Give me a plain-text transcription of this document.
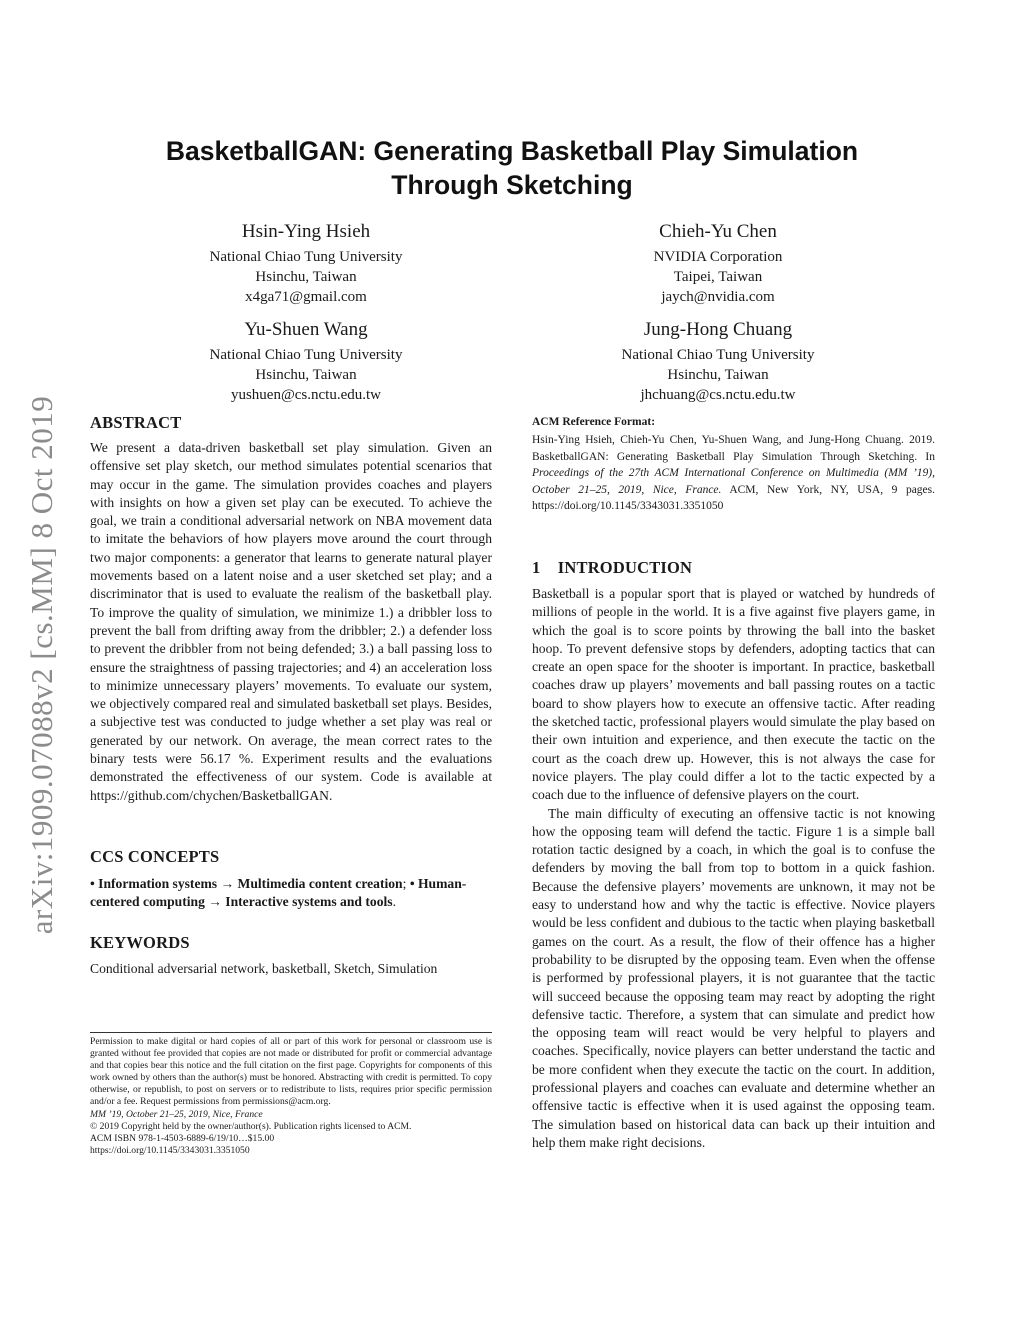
arXiv:1909.07088v2 [cs.MM] 8 Oct 2019
BasketballGAN: Generating Basketball Play Simulation Through Sketching
Hsin-Ying Hsieh
National Chiao Tung University
Hsinchu, Taiwan
x4ga71@gmail.com
Chieh-Yu Chen
NVIDIA Corporation
Taipei, Taiwan
jaych@nvidia.com
Yu-Shuen Wang
National Chiao Tung University
Hsinchu, Taiwan
yushuen@cs.nctu.edu.tw
Jung-Hong Chuang
National Chiao Tung University
Hsinchu, Taiwan
jhchuang@cs.nctu.edu.tw
ABSTRACT

We present a data-driven basketball set play simulation. Given an offensive set play sketch, our method simulates potential scenarios that may occur in the game. The simulation provides coaches and players with insights on how a given set play can be executed. To achieve the goal, we train a conditional adversarial network on NBA movement data to imitate the behaviors of how players move around the court through two major components: a generator that learns to generate natural player movements based on a latent noise and a user sketched set play; and a discriminator that is used to evaluate the realism of the basketball play. To improve the quality of simulation, we minimize 1.) a dribbler loss to prevent the ball from drifting away from the dribbler; 2.) a defender loss to prevent the dribbler from not being defended; 3.) a ball passing loss to ensure the straightness of passing trajectories; and 4) an acceleration loss to minimize unnecessary players’ movements. To evaluate our system, we objectively compared real and simulated basketball set plays. Besides, a subjective test was conducted to judge whether a set play was real or generated by our network. On average, the mean correct rates to the binary tests were 56.17 %. Experiment results and the evaluations demonstrated the effectiveness of our system. Code is available at https://github.com/chychen/BasketballGAN.

CCS CONCEPTS

• Information systems → Multimedia content creation; • Human-centered computing → Interactive systems and tools.

KEYWORDS

Conditional adversarial network, basketball, Sketch, Simulation

Permission to make digital or hard copies of all or part of this work for personal or classroom use is granted without fee provided that copies are not made or distributed for profit or commercial advantage and that copies bear this notice and the full citation on the first page. Copyrights for components of this work owned by others than the author(s) must be honored. Abstracting with credit is permitted. To copy otherwise, or republish, to post on servers or to redistribute to lists, requires prior specific permission and/or a fee. Request permissions from permissions@acm.org.

MM ’19, October 21–25, 2019, Nice, France

© 2019 Copyright held by the owner/author(s). Publication rights licensed to ACM.

ACM ISBN 978-1-4503-6889-6/19/10…$15.00

https://doi.org/10.1145/3343031.3351050

ACM Reference Format:

Hsin-Ying Hsieh, Chieh-Yu Chen, Yu-Shuen Wang, and Jung-Hong Chuang. 2019. BasketballGAN: Generating Basketball Play Simulation Through Sketching. In Proceedings of the 27th ACM International Conference on Multimedia (MM ’19), October 21–25, 2019, Nice, France. ACM, New York, NY, USA, 9 pages. https://doi.org/10.1145/3343031.3351050

1    INTRODUCTION

Basketball is a popular sport that is played or watched by hundreds of millions of people in the world. It is a five against five players game, in which the goal is to score points by throwing the ball into the basket hoop. To prevent defensive stops by defenders, adopting tactics that can create an open space for the shooter is important. In practice, basketball coaches draw up players’ movements and ball passing routes on a tactic board to show players how to execute an offensive tactic. After reading the sketched tactic, professional players would simulate the play based on their own intuition and experience, and then execute the tactic on the court as the coach drew up. However, this is not always the case for novice players. The play could differ a lot to the tactic expected by a coach due to the influence of defensive players on the court.

The main difficulty of executing an offensive tactic is not knowing how the opposing team will defend the tactic. Figure 1 is a simple ball rotation tactic designed by a coach, in which the goal is to confuse the defenders by moving the ball from top to bottom in a quick fashion. Because the defensive players’ movements are unknown, it may not be easy to understand how and why the tactic is effective. Novice players would be less confident and dubious to the tactic when playing basketball games on the court. As a result, the flow of their offence has a higher probability to be disrupted by the opposing team. Even when the offense is performed by professional players, it is not guarantee that the tactic will succeed because the opposing team may react by adopting the right defensive tactic. Therefore, a system that can simulate and predict how the opposing team will react would be very helpful to players and coaches. Specifically, novice players can better understand the tactic and be more confident when they execute the tactic on the court. In addition, professional players and coaches can evaluate and determine whether an offensive tactic is effective when it is used against the opposing team. The simulation based on historical data can back up their intuition and help them make right decisions.
